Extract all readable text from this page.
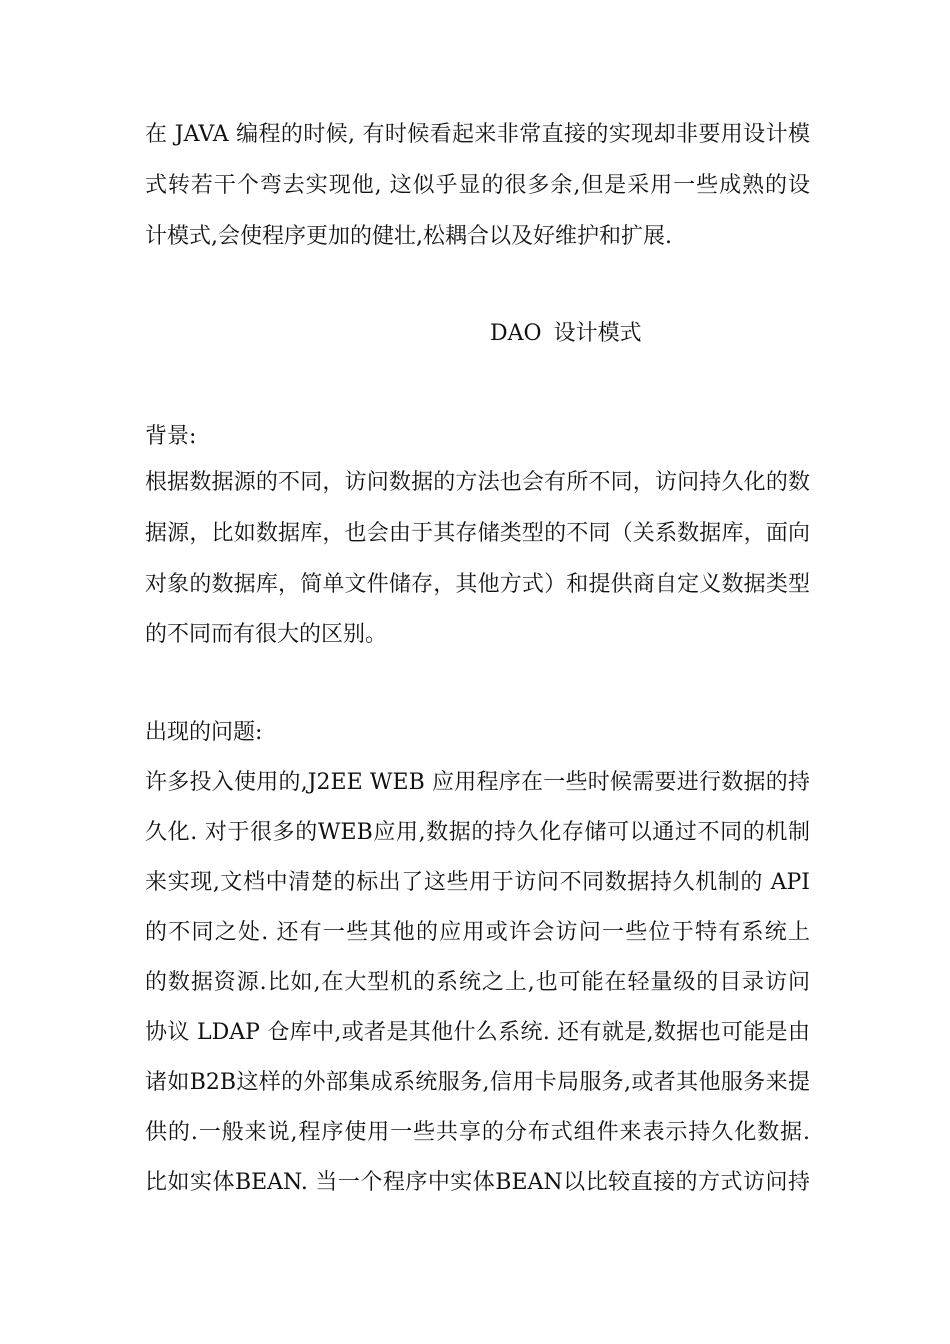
在 JAVA 编程的时候, 有时候看起来非常直接的实现却非要用设计模
式转若干个弯去实现他, 这似乎显的很多余,但是采用一些成熟的设
计模式,会使程序更加的健壮,松耦合以及好维护和扩展.
DAO 设计模式
背景:
根据数据源的不同，访问数据的方法也会有所不同，访问持久化的数
据源，比如数据库，也会由于其存储类型的不同（关系数据库，面向
对象的数据库，简单文件储存，其他方式）和提供商自定义数据类型
的不同而有很大的区别。
出现的问题:
许多投入使用的,J2EE WEB 应用程序在一些时候需要进行数据的持
久化. 对于很多的WEB应用,数据的持久化存储可以通过不同的机制
来实现,文档中清楚的标出了这些用于访问不同数据持久机制的 API
的不同之处. 还有一些其他的应用或许会访问一些位于特有系统上
的数据资源.比如,在大型机的系统之上,也可能在轻量级的目录访问
协议 LDAP 仓库中,或者是其他什么系统. 还有就是,数据也可能是由
诸如B2B这样的外部集成系统服务,信用卡局服务,或者其他服务来提
供的.一般来说,程序使用一些共享的分布式组件来表示持久化数据.
比如实体BEAN. 当一个程序中实体BEAN以比较直接的方式访问持
